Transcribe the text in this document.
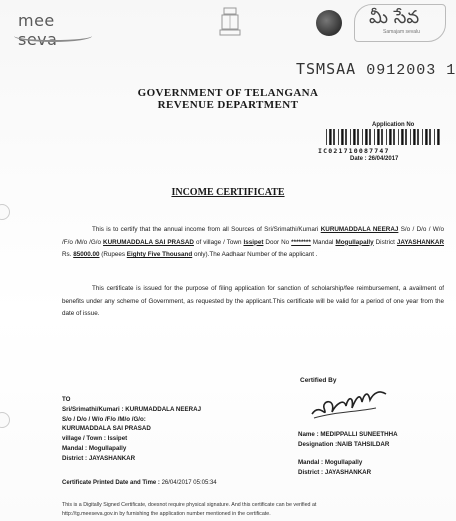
mee seva
మీ సేవ
Samajam sevalu
TSMSAA 0912003 1
GOVERNMENT OF TELANGANA
REVENUE DEPARTMENT
Application No
IC021710087747
Date : 26/04/2017
INCOME CERTIFICATE
This is to certify that the annual income from all Sources of Sri/Srimathi/Kumari KURUMADDALA NEERAJ S/o / D/o / W/o /F/o /M/o /G/o KURUMADDALA SAI PRASAD of village / Town Issipet Door No ******** Mandal Mogullapally District JAYASHANKAR Rs. 85000.00 (Rupees Eighty Five Thousand only).The Aadhaar Number of the applicant .
This certificate is issued for the purpose of filing application for sanction of scholarship/fee reimbursement, a availment of benefits under any scheme of Government, as requested by the applicant.This certificate will be valid for a period of one year from the date of issue.
Certified By
TO
Sri/Srimathi/Kumari : KURUMADDALA NEERAJ
S/o / D/o / W/o /F/o /M/o /G/o:
KURUMADDALA SAI PRASAD
village / Town : Issipet
Mandal : Mogullapally
District : JAYASHANKAR
Name : MEDIPPALLI SUNEETHHA
Designation :NAIB TAHSILDAR
Mandal : Mogullapally
District : JAYASHANKAR
Certificate Printed Date and Time : 26/04/2017 05:05:34
This is a Digitally Signed Certificate, doesnot require physical signature. And this certificate can be verified at
http://tg.meeseva.gov.in by furnishing the application number mentioned in the certificate.
